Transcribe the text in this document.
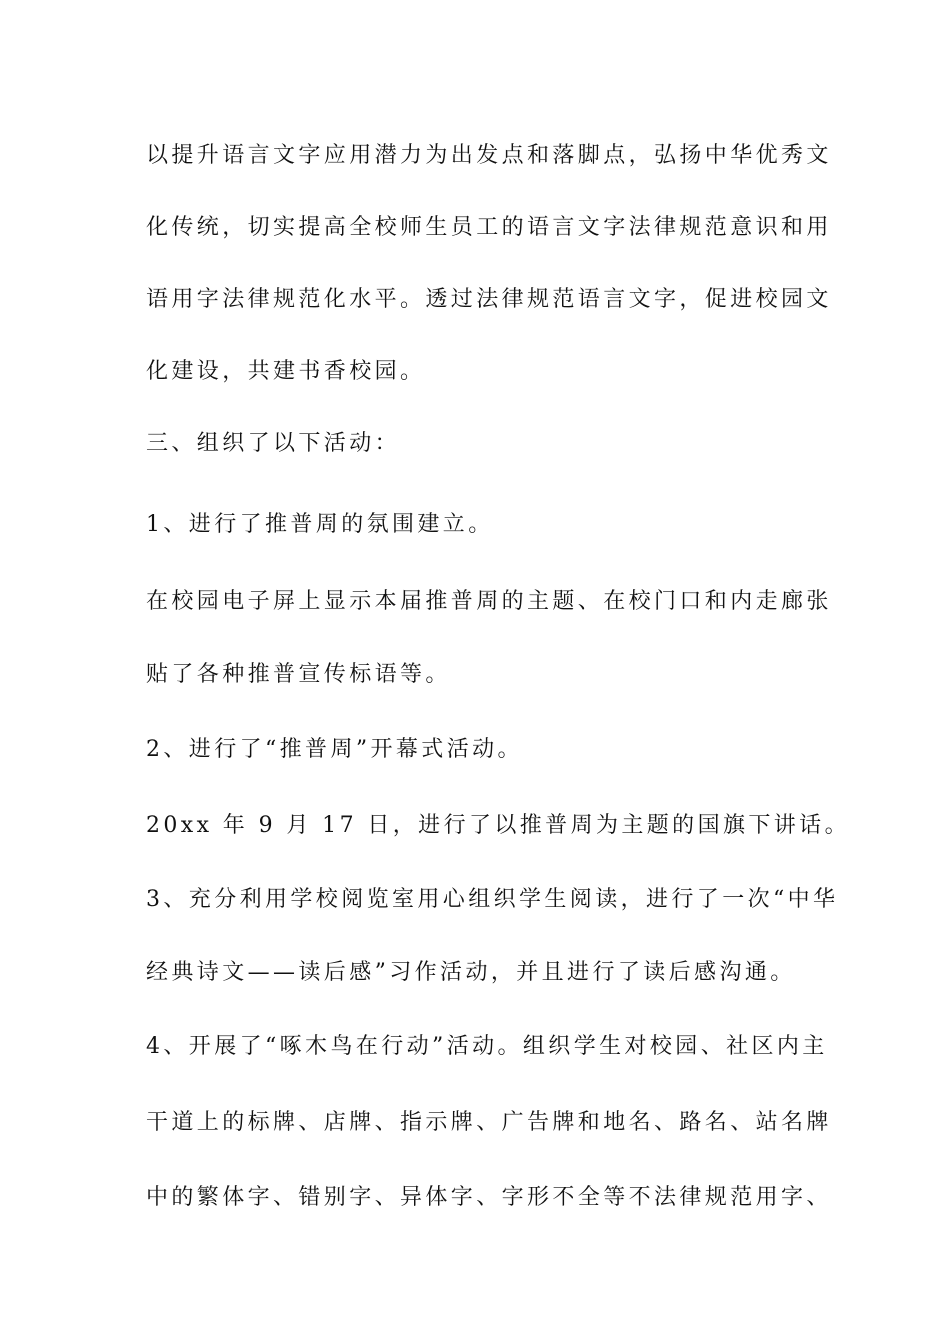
以提升语言文字应用潜力为出发点和落脚点，弘扬中华优秀文
化传统，切实提高全校师生员工的语言文字法律规范意识和用
语用字法律规范化水平。透过法律规范语言文字，促进校园文
化建设，共建书香校园。
三、组织了以下活动：
1、进行了推普周的氛围建立。
在校园电子屏上显示本届推普周的主题、在校门口和内走廊张
贴了各种推普宣传标语等。
2、进行了“推普周”开幕式活动。
20xx 年 9 月 17 日，进行了以推普周为主题的国旗下讲话。
3、充分利用学校阅览室用心组织学生阅读，进行了一次“中华
经典诗文——读后感”习作活动，并且进行了读后感沟通。
4、开展了“啄木鸟在行动”活动。组织学生对校园、社区内主
干道上的标牌、店牌、指示牌、广告牌和地名、路名、站名牌
中的繁体字、错别字、异体字、字形不全等不法律规范用字、
